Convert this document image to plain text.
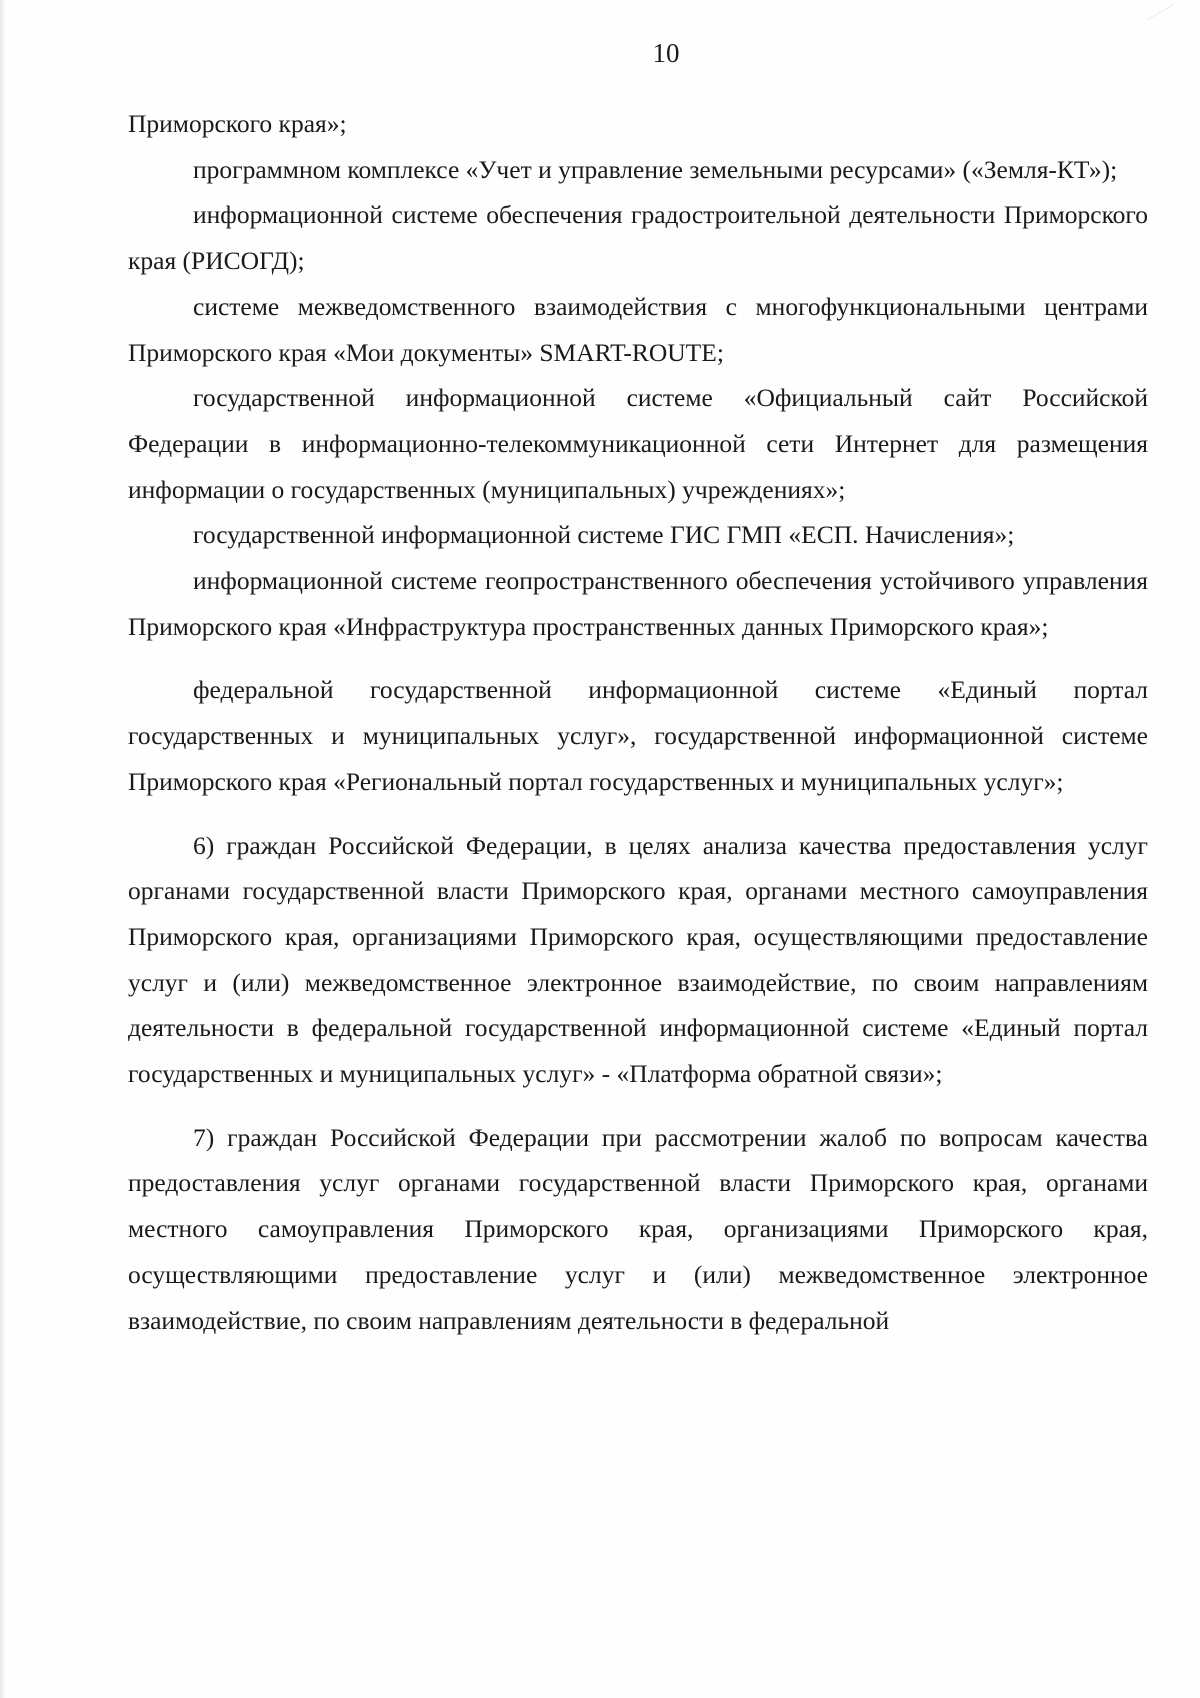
10

Приморского края»;

программном комплексе «Учет и управление земельными ресурсами» («Земля-КТ»);

информационной системе обеспечения градостроительной деятельности Приморского края (РИСОГД);

системе межведомственного взаимодействия с многофункциональными центрами Приморского края «Мои документы» SMART-ROUTE;

государственной информационной системе «Официальный сайт Российской Федерации в информационно-телекоммуникационной сети Интернет для размещения информации о государственных (муниципальных) учреждениях»;

государственной информационной системе ГИС ГМП «ЕСП. Начисления»;

информационной системе геопространственного обеспечения устойчивого управления Приморского края «Инфраструктура пространственных данных Приморского края»;

федеральной государственной информационной системе «Единый портал государственных и муниципальных услуг», государственной информационной системе Приморского края «Региональный портал государственных и муниципальных услуг»;

6) граждан Российской Федерации, в целях анализа качества предоставления услуг органами государственной власти Приморского края, органами местного самоуправления Приморского края, организациями Приморского края, осуществляющими предоставление услуг и (или) межведомственное электронное взаимодействие, по своим направлениям деятельности в федеральной государственной информационной системе «Единый портал государственных и муниципальных услуг» - «Платформа обратной связи»;

7) граждан Российской Федерации при рассмотрении жалоб по вопросам качества предоставления услуг органами государственной власти Приморского края, органами местного самоуправления Приморского края, организациями Приморского края, осуществляющими предоставление услуг и (или) межведомственное электронное взаимодействие, по своим направлениям деятельности в федеральной
